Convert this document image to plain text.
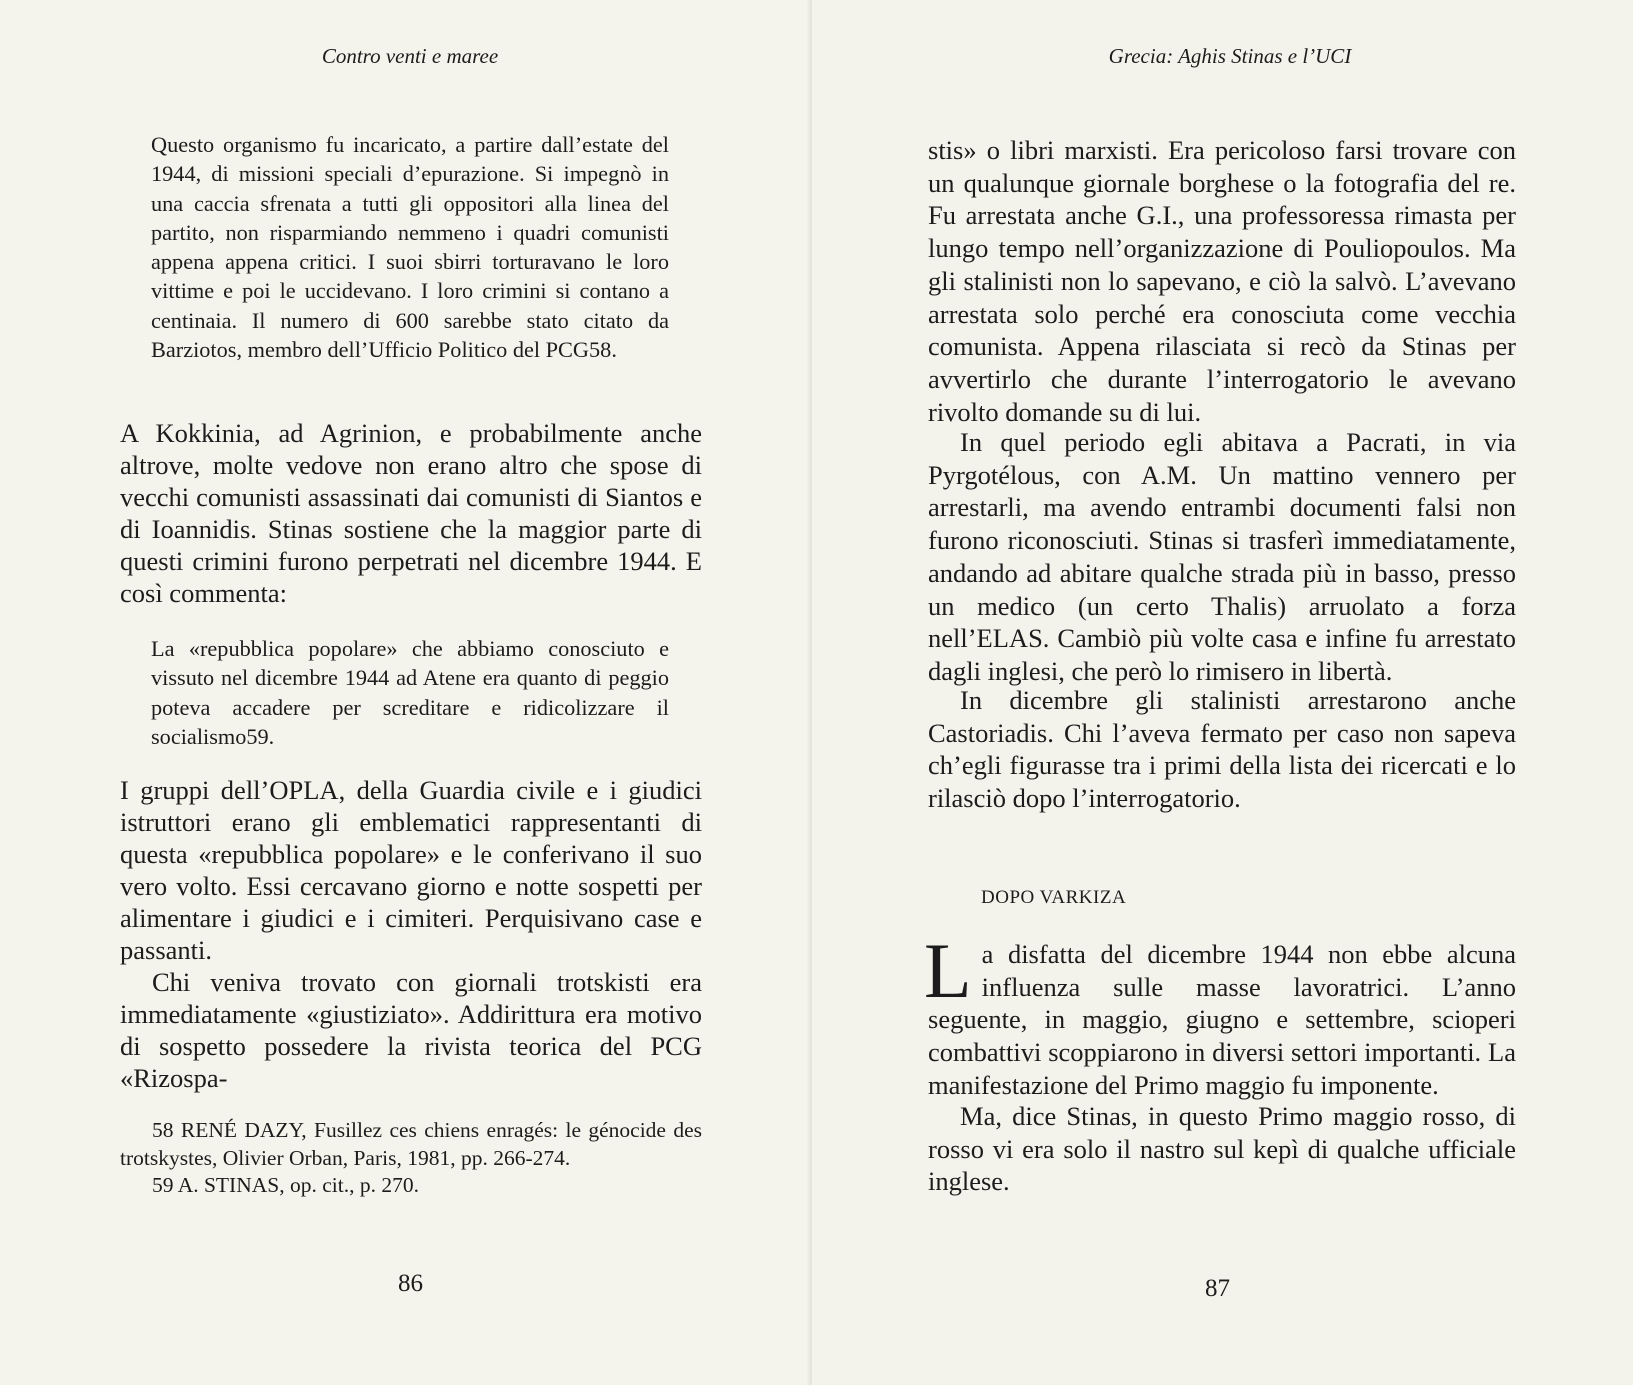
Contro venti e maree

Questo organismo fu incaricato, a partire dall’estate del 1944, di missioni speciali d’epurazione. Si impegnò in una caccia sfrenata a tutti gli oppositori alla linea del partito, non risparmiando nemmeno i quadri comunisti appena appena critici. I suoi sbirri torturavano le loro vittime e poi le uccidevano. I loro crimini si contano a centinaia. Il numero di 600 sarebbe stato citato da Barziotos, membro dell’Ufficio Politico del PCG58.

A Kokkinia, ad Agrinion, e probabilmente anche altrove, molte vedove non erano altro che spose di vecchi comunisti assassinati dai comunisti di Siantos e di Ioannidis. Stinas sostiene che la maggior parte di questi crimini furono perpetrati nel dicembre 1944. E così commenta:

La «repubblica popolare» che abbiamo conosciuto e vissuto nel dicembre 1944 ad Atene era quanto di peggio poteva accadere per screditare e ridicolizzare il socialismo59.

I gruppi dell’OPLA, della Guardia civile e i giudici istruttori erano gli emblematici rappresentanti di questa «repubblica popolare» e le conferivano il suo vero volto. Essi cercavano giorno e notte sospetti per alimentare i giudici e i cimiteri. Perquisivano case e passanti.

Chi veniva trovato con giornali trotskisti era immediatamente «giustiziato». Addirittura era motivo di sospetto possedere la rivista teorica del PCG «Rizospa-

58 RENÉ DAZY, Fusillez ces chiens enragés: le génocide des trotskystes, Olivier Orban, Paris, 1981, pp. 266-274.

59 A. STINAS, op. cit., p. 270.

86
Grecia: Aghis Stinas e l’UCI

stis» o libri marxisti. Era pericoloso farsi trovare con un qualunque giornale borghese o la fotografia del re. Fu arrestata anche G.I., una professoressa rimasta per lungo tempo nell’organizzazione di Pouliopoulos. Ma gli stalinisti non lo sapevano, e ciò la salvò. L’avevano arrestata solo perché era conosciuta come vecchia comunista. Appena rilasciata si recò da Stinas per avvertirlo che durante l’interrogatorio le avevano rivolto domande su di lui.

In quel periodo egli abitava a Pacrati, in via Pyrgotélous, con A.M. Un mattino vennero per arrestarli, ma avendo entrambi documenti falsi non furono riconosciuti. Stinas si trasferì immediatamente, andando ad abitare qualche strada più in basso, presso un medico (un certo Thalis) arruolato a forza nell’ELAS. Cambiò più volte casa e infine fu arrestato dagli inglesi, che però lo rimisero in libertà.

In dicembre gli stalinisti arrestarono anche Castoriadis. Chi l’aveva fermato per caso non sapeva ch’egli figurasse tra i primi della lista dei ricercati e lo rilasciò dopo l’interrogatorio.

DOPO VARKIZA

La disfatta del dicembre 1944 non ebbe alcuna influenza sulle masse lavoratrici. L’anno seguente, in maggio, giugno e settembre, scioperi combattivi scoppiarono in diversi settori importanti. La manifestazione del Primo maggio fu imponente.

Ma, dice Stinas, in questo Primo maggio rosso, di rosso vi era solo il nastro sul kepì di qualche ufficiale inglese.

87
